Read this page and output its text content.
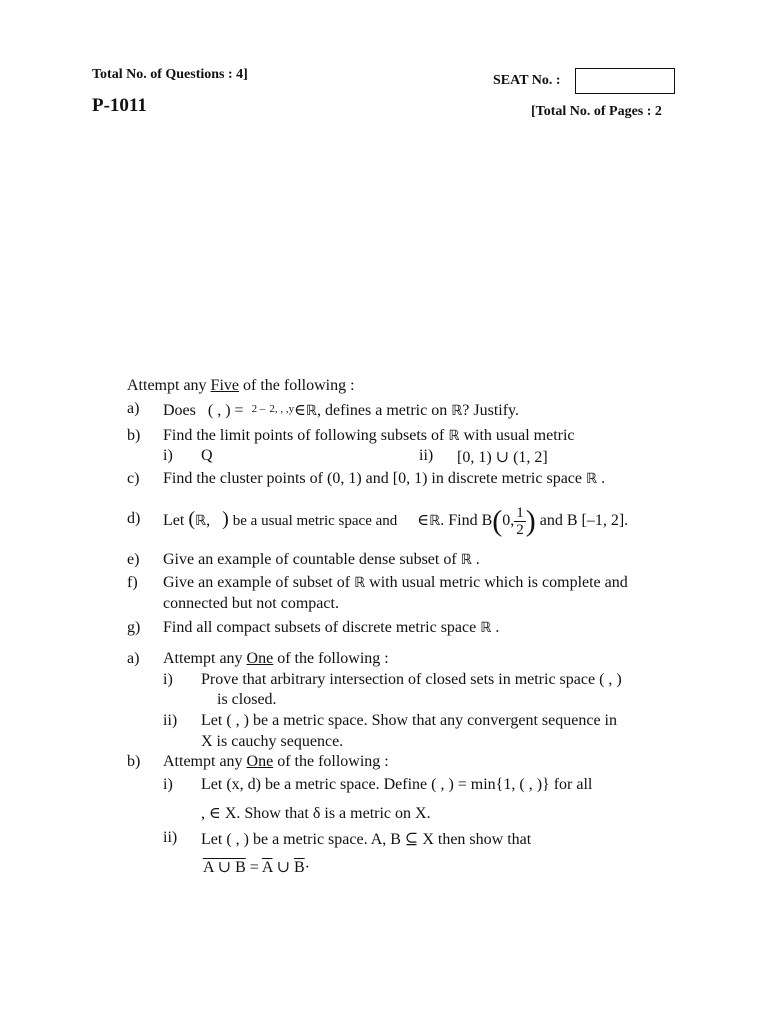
Total No. of Questions : 4]	SEAT No. :
P-1011	[Total No. of Pages : 2
Attempt any Five of the following :
a) Does ( , ) = 2 – 2, , ,y∈ℝ, defines a metric on ℝ? Justify.
b) Find the limit points of following subsets of ℝ with usual metric
i) Q	ii) [0, 1) ∪ (1, 2]
c) Find the cluster points of (0, 1) and [0, 1) in discrete metric space ℝ .
d) Let (ℝ, ) be a usual metric space and ∈ℝ. Find B(0, $\frac{1}{2}$ ) and B [–1, 2].
e) Give an example of countable dense subset of ℝ .
f) Give an example of subset of ℝ with usual metric which is complete and
connected but not compact.
g) Find all compact subsets of discrete metric space ℝ .
a) Attempt any One of the following :
i) Prove that arbitrary intersection of closed sets in metric space ( , )
is closed.
ii) Let ( , ) be a metric space. Show that any convergent sequence in
X is cauchy sequence.
b) Attempt any One of the following :
i) Let (x, d) be a metric space. Define ( , ) = min{1, ( , )} for all
, ∈ X. Show that δ is a metric on X.
ii) Let ( , ) be a metric space. A, B ⊆ X then show that
A ∪ $B = \overline{A}$ ∪ $\overline{B}\cdot$
